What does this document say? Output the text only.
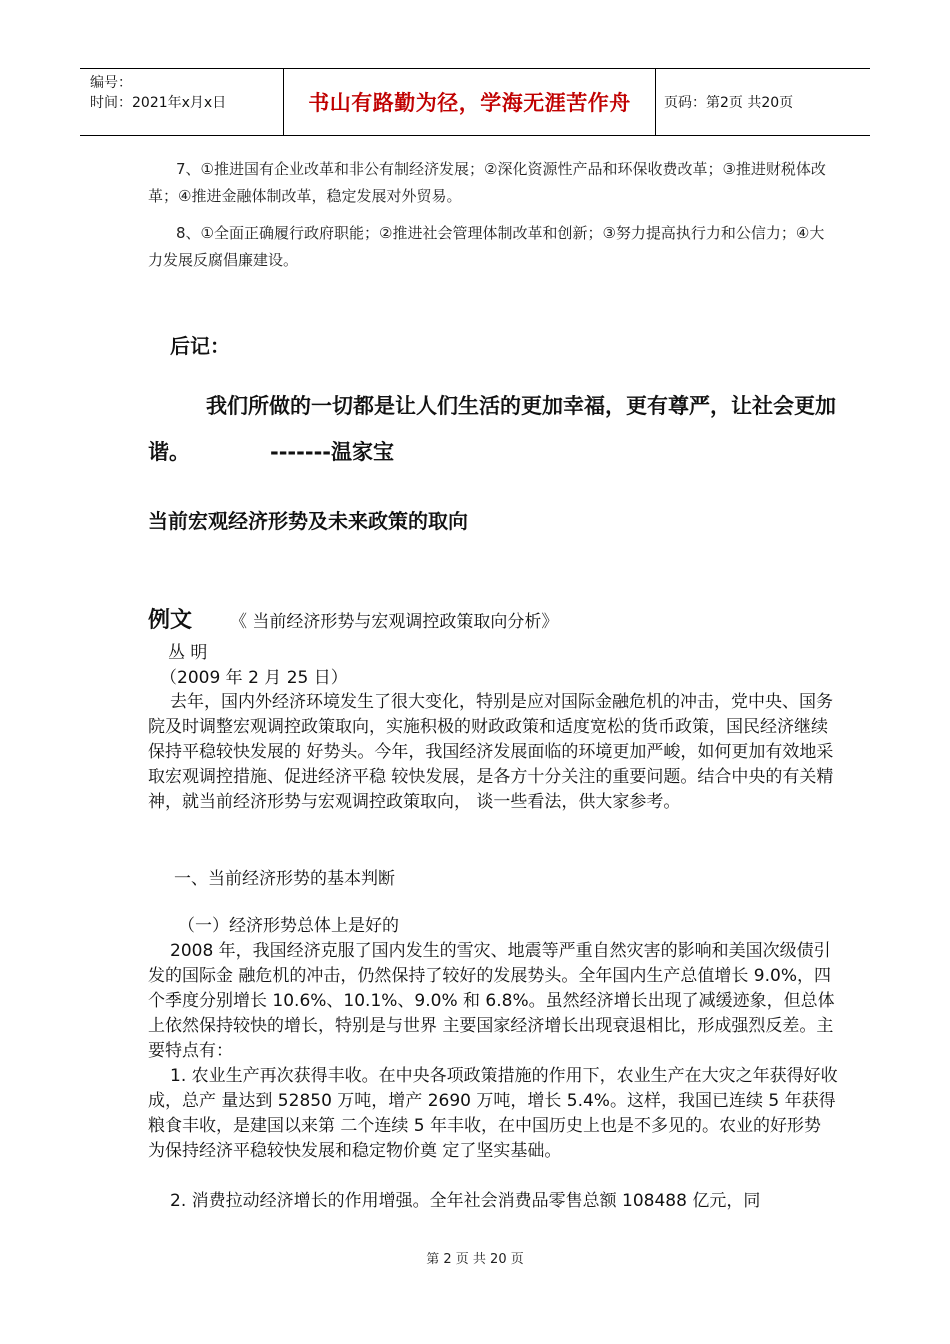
编号：
时间：2021年x月x日	书山有路勤为径，学海无涯苦作舟	页码：第2页 共20页

7、①推进国有企业改革和非公有制经济发展；②深化资源性产品和环保收费改革；③推进财税体改革；④推进金融体制改革，稳定发展对外贸易。

8、①全面正确履行政府职能；②推进社会管理体制改革和创新；③努力提高执行力和公信力；④大力发展反腐倡廉建设。

后记：

我们所做的一切都是让人们生活的更加幸福，更有尊严，让社会更加谐。	-------温家宝

当前宏观经济形势及未来政策的取向
例文 《 当前经济形势与宏观调控政策取向分析》
丛 明
（2009 年 2 月 25 日）

去年，国内外经济环境发生了很大变化，特别是应对国际金融危机的冲击，党中央、国务院及时调整宏观调控政策取向，实施积极的财政政策和适度宽松的货币政策，国民经济继续保持平稳较快发展的 好势头。今年，我国经济发展面临的环境更加严峻，如何更加有效地采取宏观调控措施、促进经济平稳 较快发展，是各方十分关注的重要问题。结合中央的有关精神，就当前经济形势与宏观调控政策取向， 谈一些看法，供大家参考。

一、当前经济形势的基本判断
（一）经济形势总体上是好的

2008 年，我国经济克服了国内发生的雪灾、地震等严重自然灾害的影响和美国次级债引发的国际金 融危机的冲击，仍然保持了较好的发展势头。全年国内生产总值增长 9.0%，四个季度分别增长 10.6%、10.1%、9.0% 和 6.8%。虽然经济增长出现了减缓迹象，但总体上依然保持较快的增长，特别是与世界 主要国家经济增长出现衰退相比，形成强烈反差。主要特点有：

1. 农业生产再次获得丰收。在中央各项政策措施的作用下，农业生产在大灾之年获得好收成，总产 量达到 52850 万吨，增产 2690 万吨，增长 5.4%。这样，我国已连续 5 年获得粮食丰收，是建国以来第 二个连续 5 年丰收，在中国历史上也是不多见的。农业的好形势为保持经济平稳较快发展和稳定物价奠 定了坚实基础。

2. 消费拉动经济增长的作用增强。全年社会消费品零售总额 108488 亿元，同

第 2 页 共 20 页
